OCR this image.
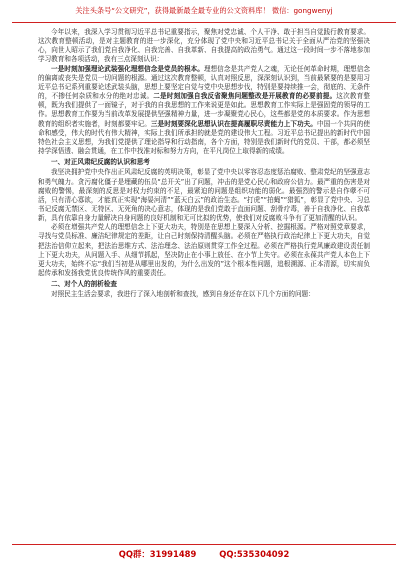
关注头条号“公文研究”，获得最新最全最专业的公文资料库！ 微信：gongwenyj

今年以来，我深入学习贯彻习近平总书记重要指示，聚焦对党忠诚、个人干净、敢于担当自觉践行教育要求。这次教育整顿活动，是对主题教育的进一步深化，充分体现了党中央和习近平总书记关于全面从严治党的坚强决心，向世人昭示了我们党自我净化、自我完善、自我革新、自我提高的政治勇气。通过这一段时间一步不落地参加学习教育和各项活动，我有三点深刻认识：

一是时刻加强理论武装强化理想信念是党员的根本。理想信念是共产党人之魂，无论任何革命时期，理想信念的偏离或丧失是党员一切问题的根源。通过这次教育整顿，认真对照反思，深深刻认识到，当前最紧要的是要用习近平总书记系列重要论述武装头脑，思想上要坚定自觉与党中央思想步伐，特别是要持续推一会，彻底的、无条件的，不掺任何杂质和水分的绝对忠诚。二是时刻加强自我反省聚焦问题整改是开展教育的必要前提。这次教育整顿，既为我们提供了一面镜子，对于我的自我思想的工作来说更是如此。思想教育工作实际上是强固党的领导的工作。思想教育工作要为当前改革发展提供坚强精神力量，进一步凝聚党心民心，这些都是党的本质要求。作为思想教育的组织者实施者，时刻都要牢记。三是时刻要深化思想认识在提高履职尽责能力上下功夫。中国一个共同的使命和感受，伟大的时代有伟大精神，实际上我们所承担的就是党的建设伟大工程。习近平总书记提出的新时代中国特色社会主义思想，为我们党提供了理论指导和行动指南，各个方面，特别是我们新时代的党员、干部，都必须坚持学深悟透、融会贯通，在工作中找准对标和努力方向，在平凡岗位上取得新的成绩。

一、对正风肃纪反腐的认识和思考

我坚决拥护党中央作出正风肃纪反腐的英明决策，彰显了党中央以零容忍态度惩治腐败、整肃党纪的坚强意志和勇气魄力。贪污腐化僵子是埋藏的伍员“总开关”出了问题，冲击的是党心民心和政府公信力。最严重的伤害是对腐败的警惕，最深刻的反思是对权力约束的不足，最紧迫的问题是组织功能的弱化。最强烈的警示是自作孽不可活，只有清心寡欲，才能真正实现“海晏河清”“蓝天白云”的政治生态。“打虎”“拍蝇”“猎狐”，彰显了党中央、习总书记反腐无禁区、无特区、无死角的决心意志，体现的是我们党敢于直面问题、刮骨疗毒，善于自我净化、自我革新，具有依靠自身力量解决自身问题的良好机制和无可比拟的优势，使我们对反腐败斗争有了更加清醒的认识。

必须在增强共产党人的理想信念上下更大功夫，特别是在思想上要深入分析、挖掘根源。严格对照党章要求，寻找与党员标准、廉洁纪律规定的差距，让自己时刻保持清醒头脑。必须在严格执行政治纪律上下更大功夫，自觉把法治信仰立起来，把法治思维方式、法治理念、法治原则贯穿工作全过程。必须在严格执行党风廉政建设责任制上下更大功夫，从问题入手、从细节抓起，坚决防止在小事上放任、在小节上失守。必须在永葆共产党人本色上下更大功夫，始终不忘“我们当初是从哪里出发的，为什么出发的”这个根本性问题，追根溯源、正本清源，切实肩负起传承和发扬我党优良传统作风的重要责任。

二、对个人的剖析检查

对照民主生活会要求，我进行了深入地剖析和查找，感到自身还存在以下几个方面的问题：

QQ群：31991489	QQ:535304092
